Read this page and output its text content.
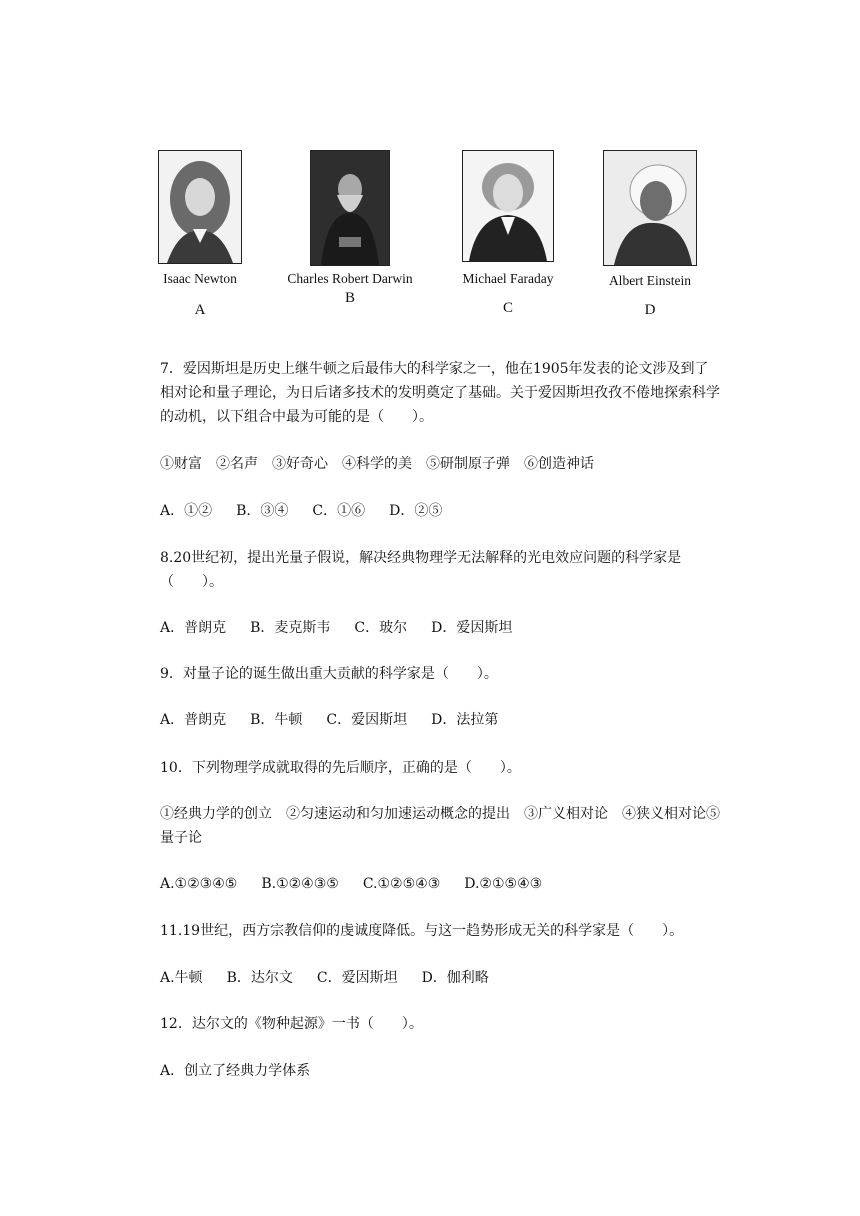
Isaac Newton
A
Charles Robert Darwin
B
Michael Faraday
C
Albert Einstein
D

7．爱因斯坦是历史上继牛顿之后最伟大的科学家之一，他在1905年发表的论文涉及到了相对论和量子理论，为日后诸多技术的发明奠定了基础。关于爱因斯坦孜孜不倦地探索科学的动机，以下组合中最为可能的是（　　）。

①财富　②名声　③好奇心　④科学的美　⑤研制原子弹　⑥创造神话

A．①② B．③④ C．①⑥ D．②⑤

8.20世纪初，提出光量子假说，解决经典物理学无法解释的光电效应问题的科学家是（　　）。

A．普朗克 B．麦克斯韦 C．玻尔 D．爱因斯坦

9．对量子论的诞生做出重大贡献的科学家是（　　）。

A．普朗克 B．牛顿 C．爱因斯坦 D．法拉第

10．下列物理学成就取得的先后顺序，正确的是（　　）。

①经典力学的创立　②匀速运动和匀加速运动概念的提出　③广义相对论　④狭义相对论⑤量子论

A.①②③④⑤ B.①②④③⑤ C.①②⑤④③ D.②①⑤④③

11.19世纪，西方宗教信仰的虔诚度降低。与这一趋势形成无关的科学家是（　　）。

A.牛顿 B．达尔文 C．爱因斯坦 D．伽利略

12．达尔文的《物种起源》一书（　　）。

A．创立了经典力学体系
